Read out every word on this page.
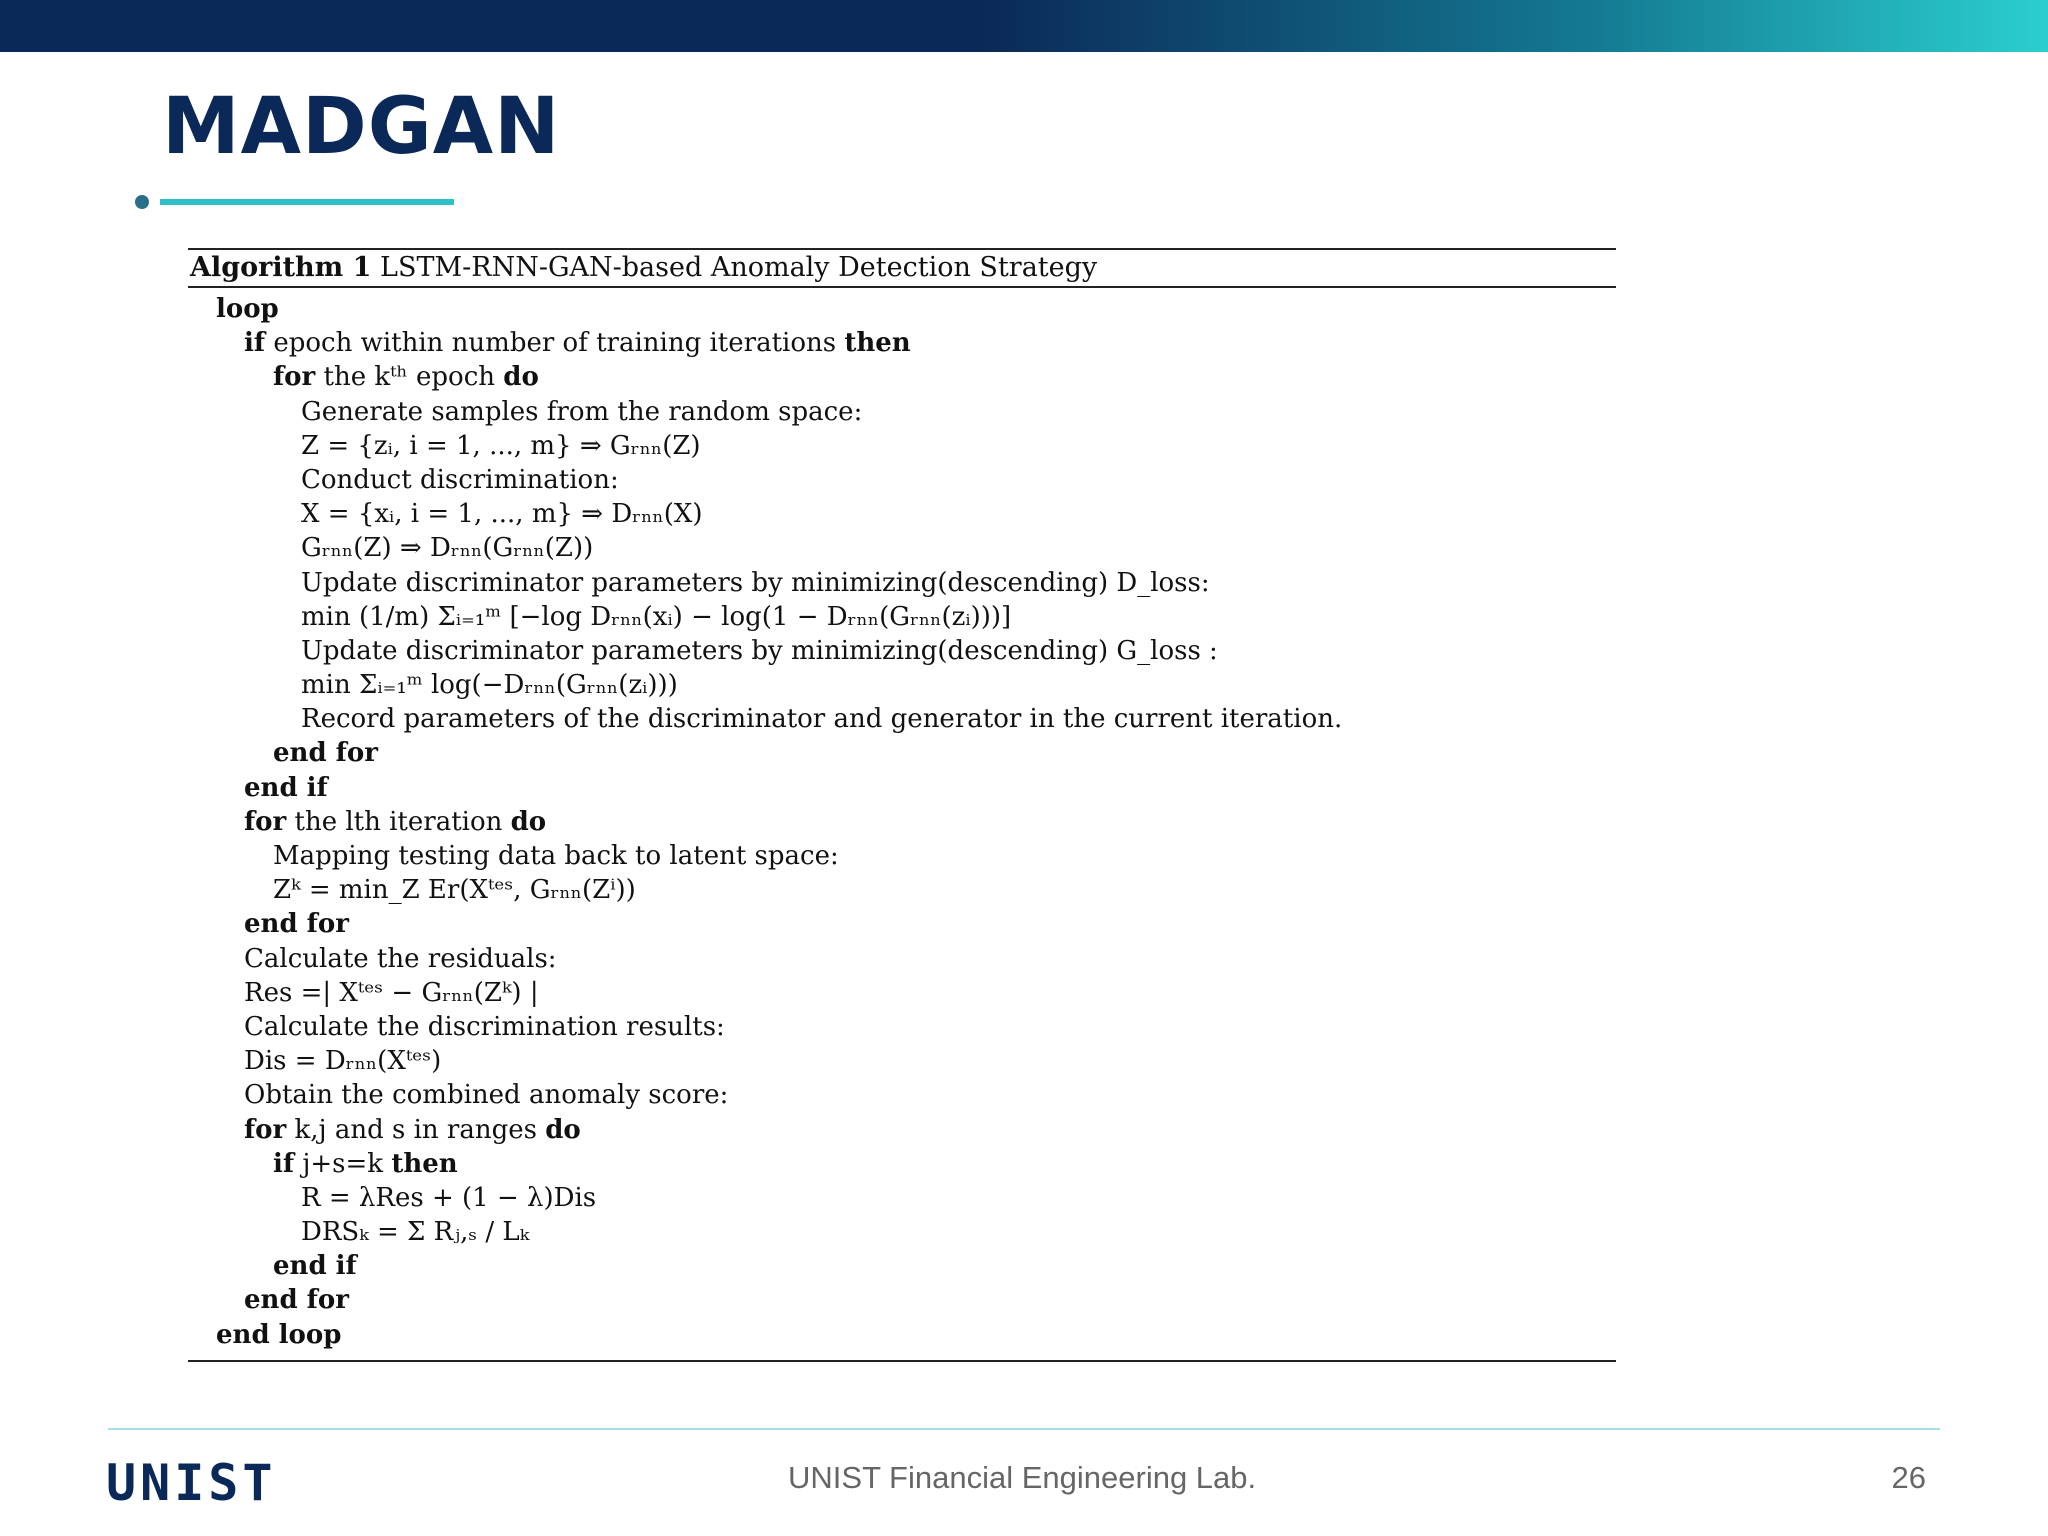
MADGAN
Algorithm 1 LSTM-RNN-GAN-based Anomaly Detection Strategy
loop
if epoch within number of training iterations then
for the kᵗʰ epoch do
Generate samples from the random space:
Z = {zᵢ, i = 1, ..., m} ⇒ Gᵣₙₙ(Z)
Conduct discrimination:
X = {xᵢ, i = 1, ..., m} ⇒ Dᵣₙₙ(X)
Gᵣₙₙ(Z) ⇒ Dᵣₙₙ(Gᵣₙₙ(Z))
Update discriminator parameters by minimizing(descending) D_loss:
min (1/m) Σᵢ₌₁ᵐ [−log Dᵣₙₙ(xᵢ) − log(1 − Dᵣₙₙ(Gᵣₙₙ(zᵢ)))]
Update discriminator parameters by minimizing(descending) G_loss :
min Σᵢ₌₁ᵐ log(−Dᵣₙₙ(Gᵣₙₙ(zᵢ)))
Record parameters of the discriminator and generator in the current iteration.
end for
end if
for the lth iteration do
Mapping testing data back to latent space:
Zᵏ = min_Z Er(Xᵗᵉˢ, Gᵣₙₙ(Zⁱ))
end for
Calculate the residuals:
Res =| Xᵗᵉˢ − Gᵣₙₙ(Zᵏ) |
Calculate the discrimination results:
Dis = Dᵣₙₙ(Xᵗᵉˢ)
Obtain the combined anomaly score:
for k,j and s in ranges do
if j+s=k then
R = λRes + (1 − λ)Dis
DRSₖ = Σ Rⱼ,ₛ / Lₖ
end if
end for
end loop
UNIST	UNIST Financial Engineering Lab.	26
